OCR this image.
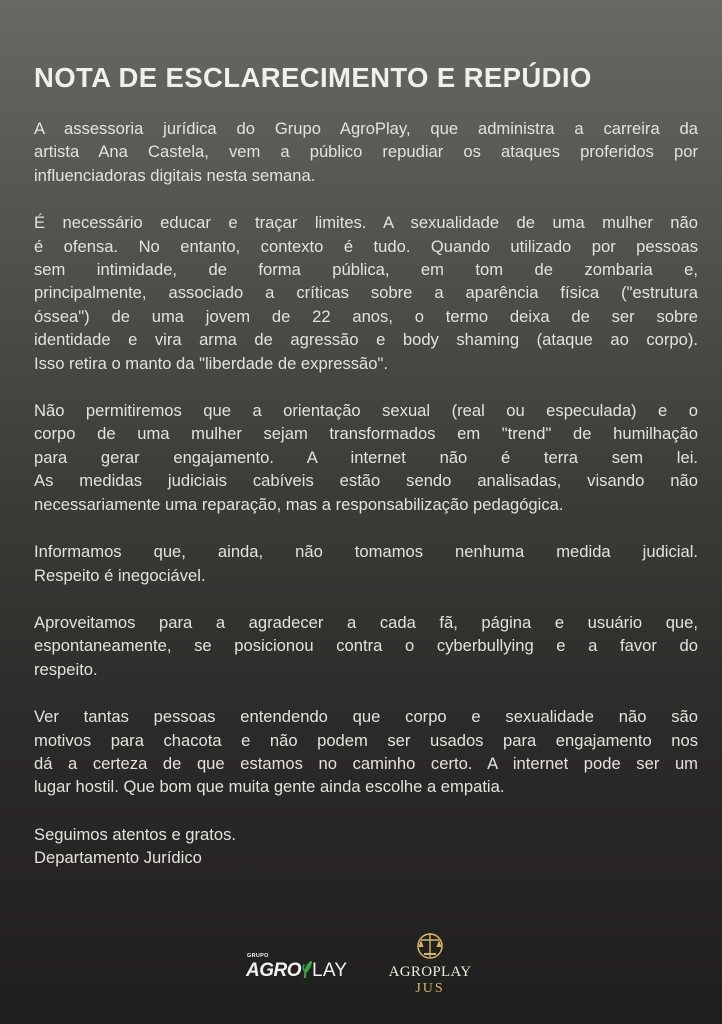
NOTA DE ESCLARECIMENTO E REPÚDIO

A assessoria jurídica do Grupo AgroPlay, que administra a carreira da
artista Ana Castela, vem a público repudiar os ataques proferidos por
influenciadoras digitais nesta semana.

É necessário educar e traçar limites. A sexualidade de uma mulher não
é ofensa. No entanto, contexto é tudo. Quando utilizado por pessoas
sem intimidade, de forma pública, em tom de zombaria e,
principalmente, associado a críticas sobre a aparência física ("estrutura
óssea") de uma jovem de 22 anos, o termo deixa de ser sobre
identidade e vira arma de agressão e body shaming (ataque ao corpo).
Isso retira o manto da "liberdade de expressão".

Não permitiremos que a orientação sexual (real ou especulada) e o
corpo de uma mulher sejam transformados em "trend" de humilhação
para gerar engajamento. A internet não é terra sem lei.
As medidas judiciais cabíveis estão sendo analisadas, visando não
necessariamente uma reparação, mas a responsabilização pedagógica.

Informamos que, ainda, não tomamos nenhuma medida judicial.
Respeito é inegociável.

Aproveitamos para a agradecer a cada fã, página e usuário que,
espontaneamente, se posicionou contra o cyberbullying e a favor do
respeito.

Ver tantas pessoas entendendo que corpo e sexualidade não são
motivos para chacota e não podem ser usados para engajamento nos
dá a certeza de que estamos no caminho certo. A internet pode ser um
lugar hostil. Que bom que muita gente ainda escolhe a empatia.

Seguimos atentos e gratos.
Departamento Jurídico
GRUPO
AGRO LAY	AGROPLAY
JUS
